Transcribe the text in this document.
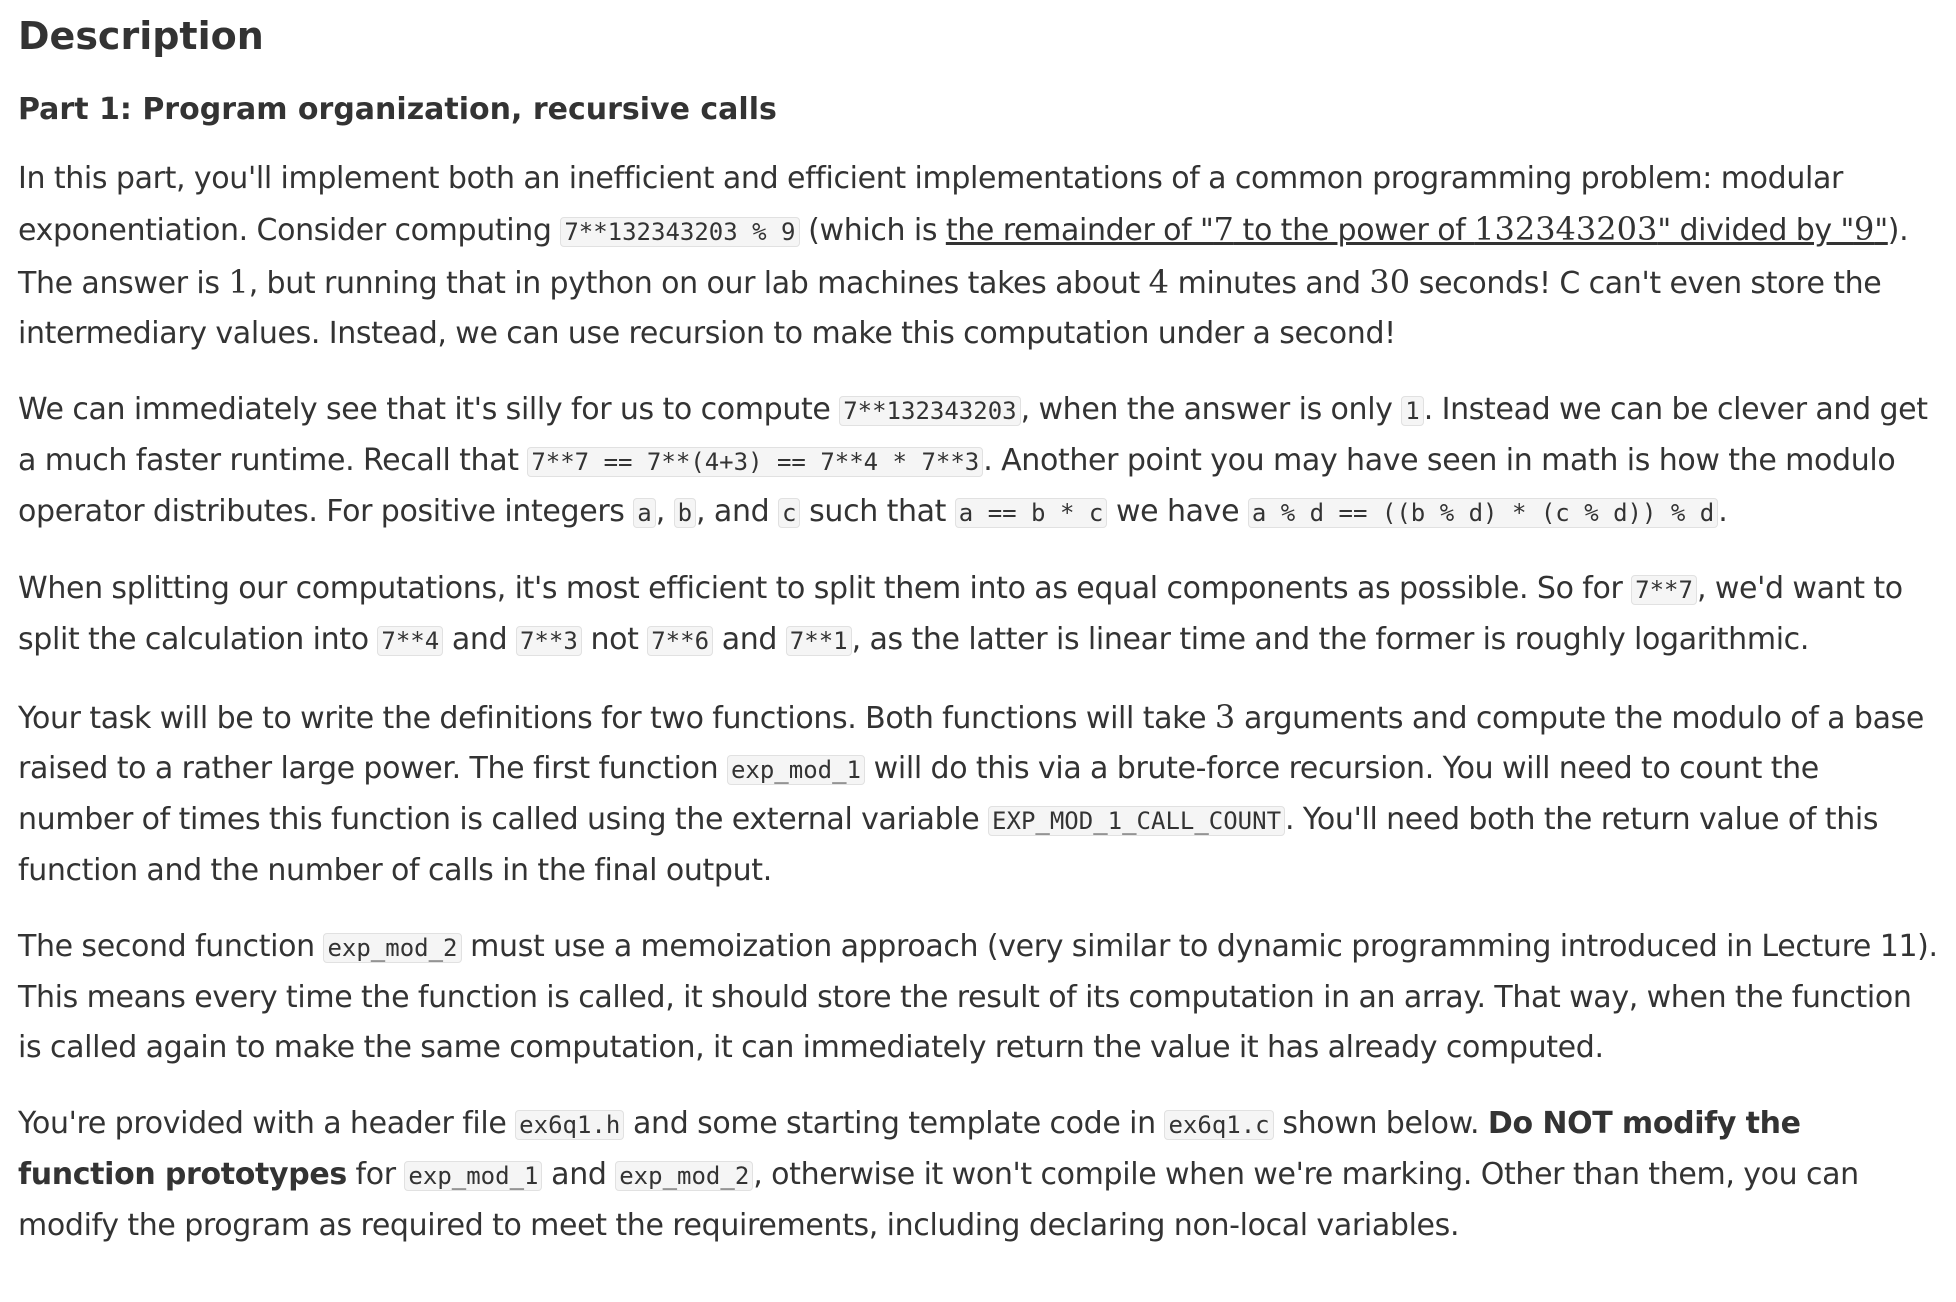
Description
Part 1: Program organization, recursive calls

In this part, you'll implement both an inefficient and efficient implementations of a common programming problem: modular exponentiation. Consider computing 7**132343203 % 9 (which is the remainder of "7 to the power of 132343203" divided by "9"). The answer is 1, but running that in python on our lab machines takes about 4 minutes and 30 seconds! C can't even store the intermediary values. Instead, we can use recursion to make this computation under a second!

We can immediately see that it's silly for us to compute 7**132343203 , when the answer is only 1 . Instead we can be clever and get a much faster runtime. Recall that 7**7 == 7**(4+3) == 7**4 * 7**3 . Another point you may have seen in math is how the modulo operator distributes. For positive integers a , b , and c such that a == b * c we have a % d == ((b % d) * (c % d)) % d .

When splitting our computations, it's most efficient to split them into as equal components as possible. So for 7**7 , we'd want to split the calculation into 7**4 and 7**3 not 7**6 and 7**1 , as the latter is linear time and the former is roughly logarithmic.

Your task will be to write the definitions for two functions. Both functions will take 3 arguments and compute the modulo of a base raised to a rather large power. The first function exp_mod_1 will do this via a brute-force recursion. You will need to count the number of times this function is called using the external variable EXP_MOD_1_CALL_COUNT . You'll need both the return value of this function and the number of calls in the final output.

The second function exp_mod_2 must use a memoization approach (very similar to dynamic programming introduced in Lecture 11). This means every time the function is called, it should store the result of its computation in an array. That way, when the function is called again to make the same computation, it can immediately return the value it has already computed.

You're provided with a header file ex6q1.h and some starting template code in ex6q1.c shown below. Do NOT modify the function prototypes for exp_mod_1 and exp_mod_2 , otherwise it won't compile when we're marking. Other than them, you can modify the program as required to meet the requirements, including declaring non-local variables.
